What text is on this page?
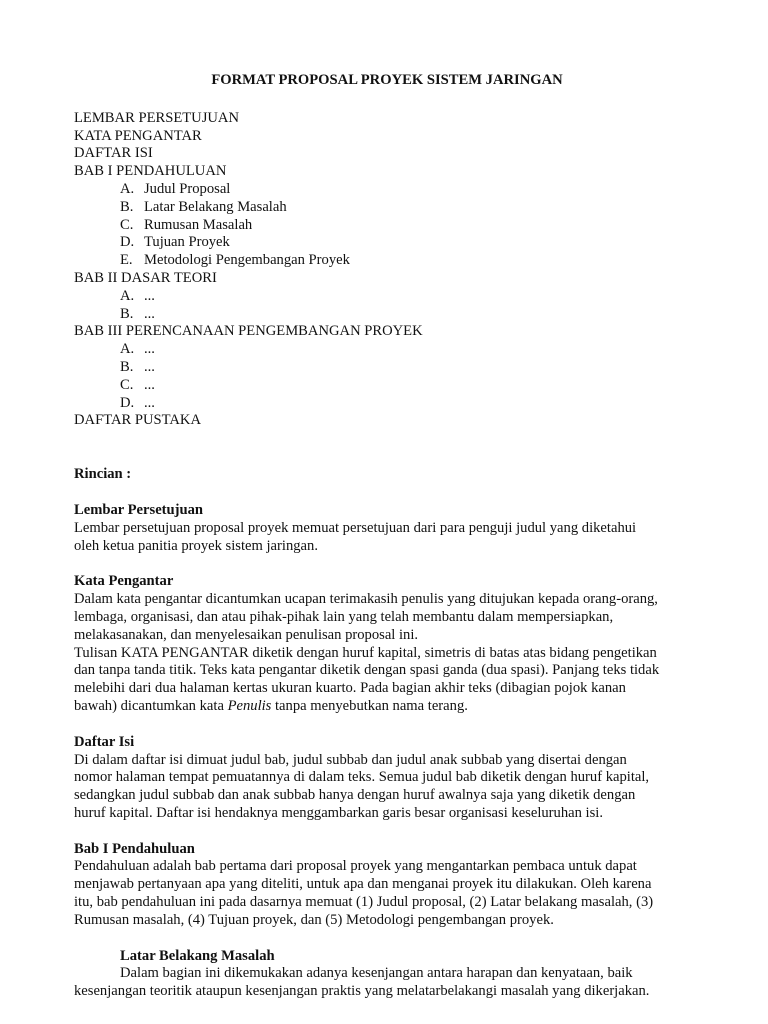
FORMAT PROPOSAL PROYEK SISTEM JARINGAN
LEMBAR PERSETUJUAN
KATA PENGANTAR
DAFTAR ISI
BAB I PENDAHULUAN
A. Judul Proposal
B. Latar Belakang Masalah
C. Rumusan Masalah
D. Tujuan Proyek
E. Metodologi Pengembangan Proyek
BAB II DASAR TEORI
A. ...
B. ...
BAB III PERENCANAAN PENGEMBANGAN PROYEK
A. ...
B. ...
C. ...
D. ...
DAFTAR PUSTAKA
Rincian :
Lembar Persetujuan
Lembar persetujuan proposal proyek memuat persetujuan dari para penguji judul yang diketahui
oleh ketua panitia proyek sistem jaringan.
Kata Pengantar
Dalam kata pengantar dicantumkan ucapan terimakasih penulis yang ditujukan kepada orang-orang,
lembaga, organisasi, dan atau pihak-pihak lain yang telah membantu dalam mempersiapkan,
melakasanakan, dan menyelesaikan penulisan proposal ini.
Tulisan KATA PENGANTAR diketik dengan huruf kapital, simetris di batas atas bidang pengetikan
dan tanpa tanda titik. Teks kata pengantar diketik dengan spasi ganda (dua spasi). Panjang teks tidak
melebihi dari dua halaman kertas ukuran kuarto. Pada bagian akhir teks (dibagian pojok kanan
bawah) dicantumkan kata Penulis tanpa menyebutkan nama terang.
Daftar Isi
Di dalam daftar isi dimuat judul bab, judul subbab dan judul anak subbab yang disertai dengan
nomor halaman tempat pemuatannya di dalam teks. Semua judul bab diketik dengan huruf kapital,
sedangkan judul subbab dan anak subbab hanya dengan huruf awalnya saja yang diketik dengan
huruf kapital. Daftar isi hendaknya menggambarkan garis besar organisasi keseluruhan isi.
Bab I Pendahuluan
Pendahuluan adalah bab pertama dari proposal proyek yang mengantarkan pembaca untuk dapat
menjawab pertanyaan apa yang diteliti, untuk apa dan menganai proyek itu dilakukan. Oleh karena
itu, bab pendahuluan ini pada dasarnya memuat (1) Judul proposal, (2) Latar belakang masalah, (3)
Rumusan masalah, (4) Tujuan proyek, dan (5) Metodologi pengembangan proyek.
Latar Belakang Masalah
Dalam bagian ini dikemukakan adanya kesenjangan antara harapan dan kenyataan, baik
kesenjangan teoritik ataupun kesenjangan praktis yang melatarbelakangi masalah yang dikerjakan.
